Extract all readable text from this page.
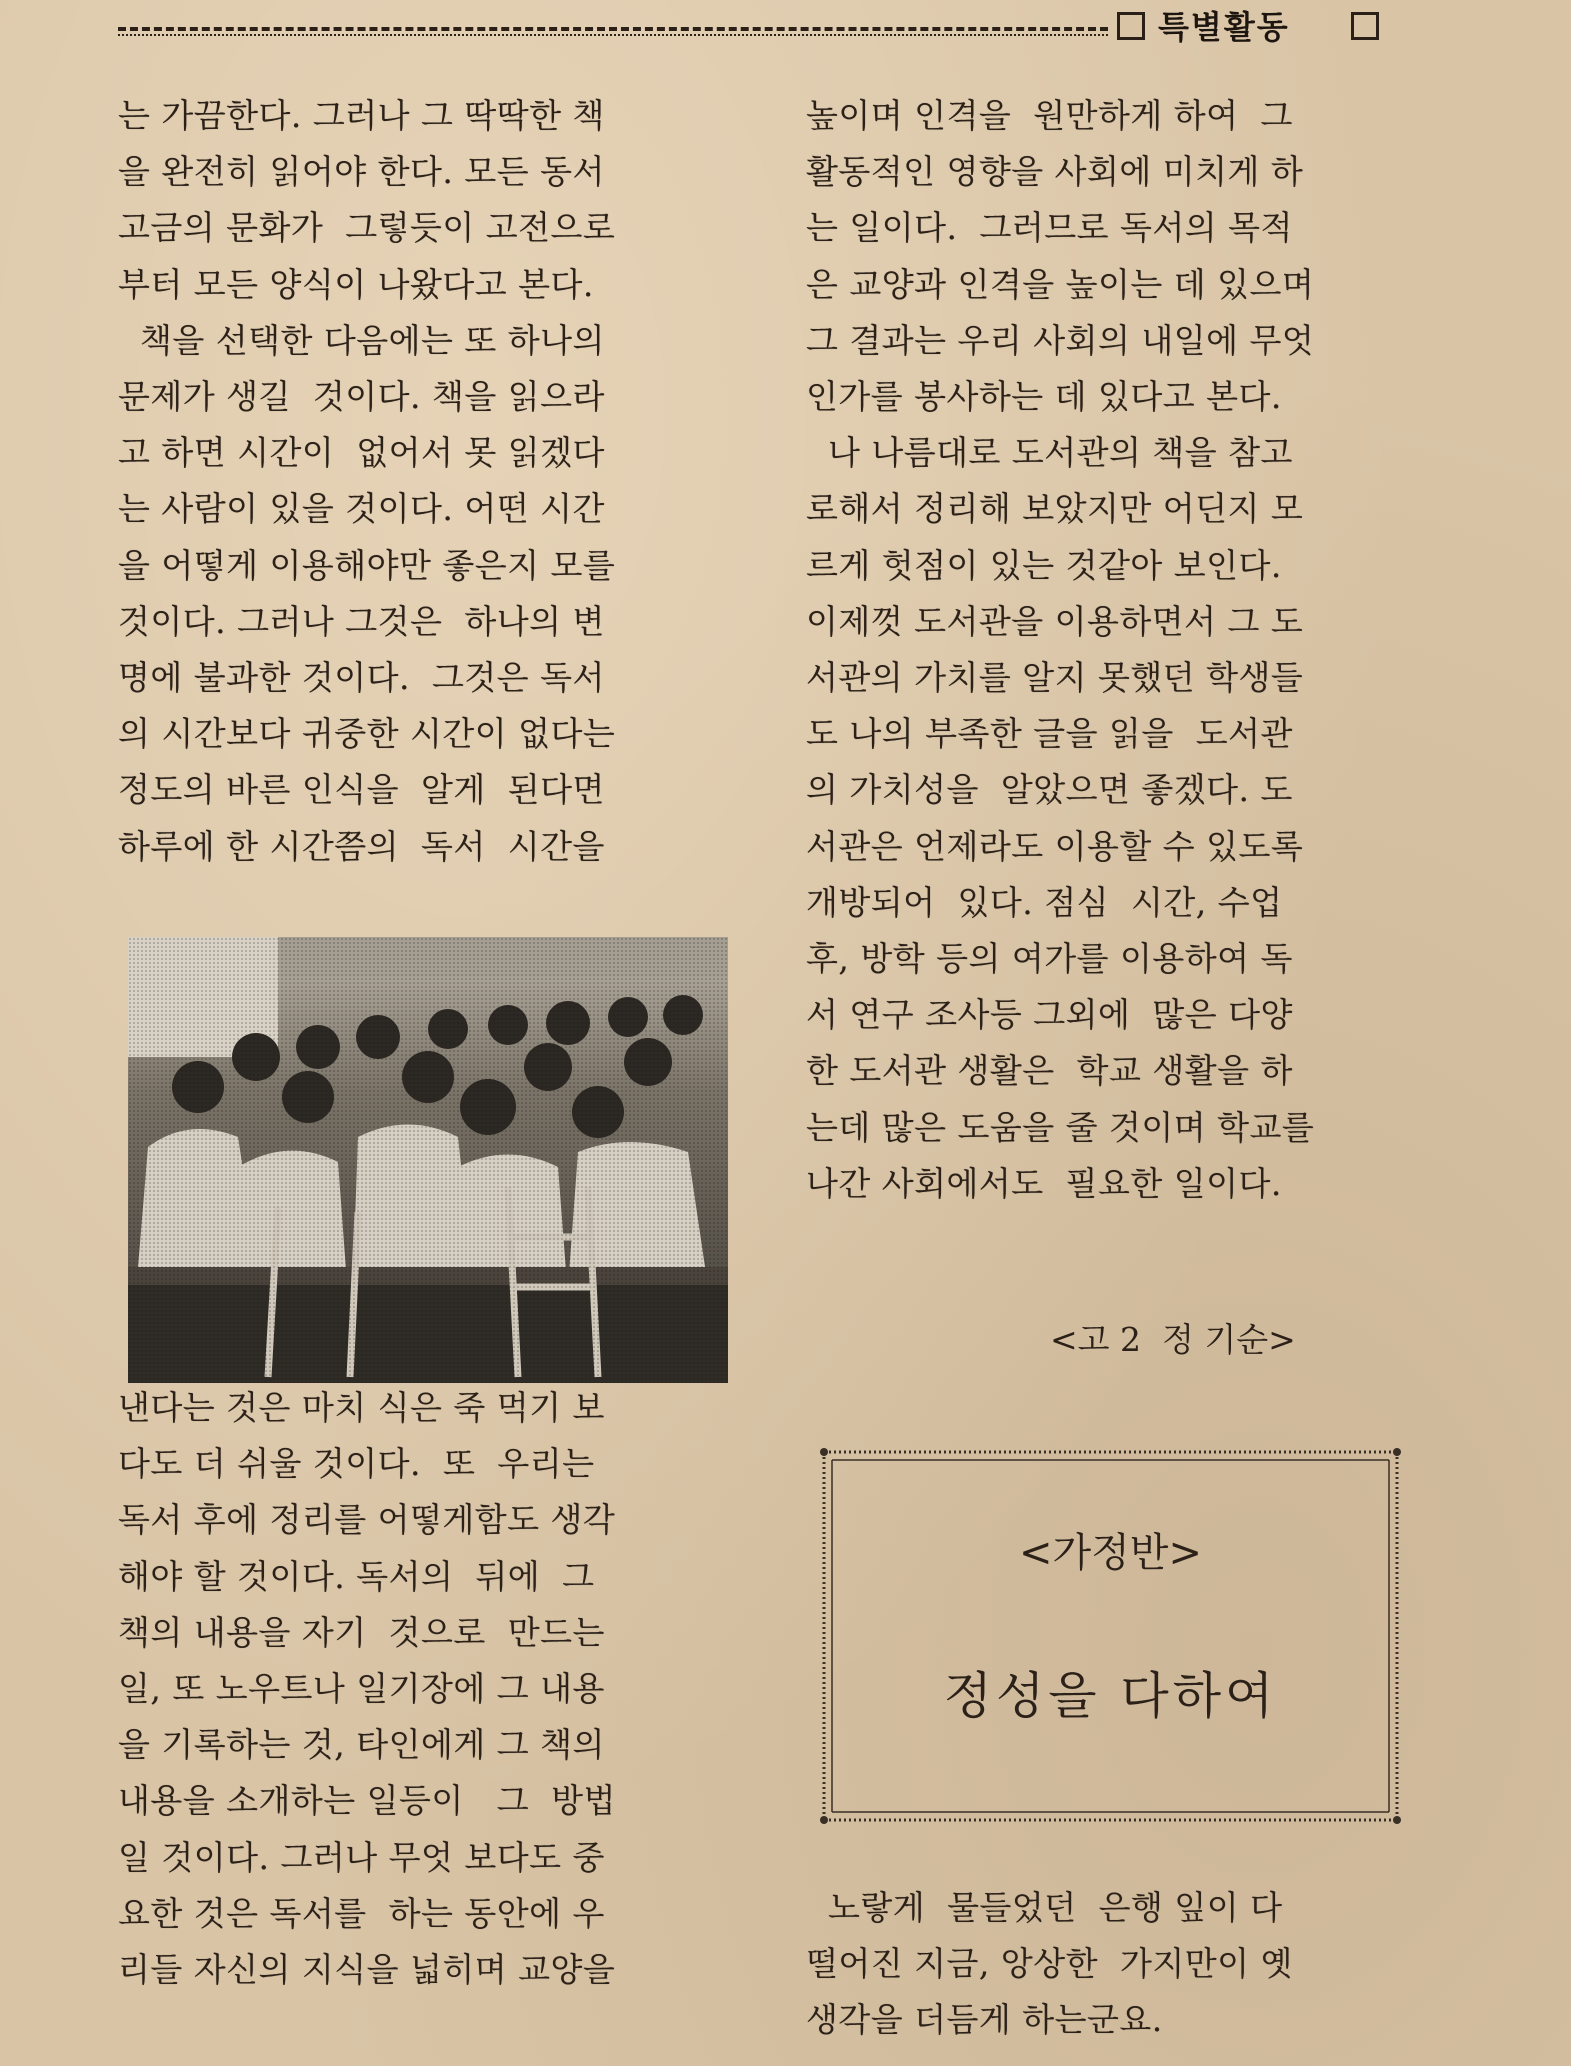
특별활동

는 가끔한다. 그러나 그 딱딱한 책

을 완전히 읽어야 한다. 모든 동서

고금의 문화가  그렇듯이 고전으로

부터 모든 양식이 나왔다고 본다.

책을 선택한 다음에는 또 하나의

문제가 생길  것이다. 책을 읽으라

고 하면 시간이  없어서 못 읽겠다

는 사람이 있을 것이다. 어떤 시간

을 어떻게 이용해야만 좋은지 모를

것이다. 그러나 그것은  하나의 변

명에 불과한 것이다.  그것은 독서

의 시간보다 귀중한 시간이 없다는

정도의 바른 인식을  알게  된다면

하루에 한 시간쯤의  독서  시간을

낸다는 것은 마치 식은 죽 먹기 보

다도 더 쉬울 것이다.  또  우리는

독서 후에 정리를 어떻게함도 생각

해야 할 것이다. 독서의  뒤에  그

책의 내용을 자기  것으로  만드는

일, 또 노우트나 일기장에 그 내용

을 기록하는 것, 타인에게 그 책의

내용을 소개하는 일등이   그  방법

일 것이다. 그러나 무엇 보다도 중

요한 것은 독서를  하는 동안에 우

리들 자신의 지식을 넓히며 교양을

높이며 인격을  원만하게 하여  그

활동적인 영향을 사회에 미치게 하

는 일이다.  그러므로 독서의 목적

은 교양과 인격을 높이는 데 있으며

그 결과는 우리 사회의 내일에 무엇

인가를 봉사하는 데 있다고 본다.

나 나름대로 도서관의 책을 참고

로해서 정리해 보았지만 어딘지 모

르게 헛점이 있는 것같아 보인다.

이제껏 도서관을 이용하면서 그 도

서관의 가치를 알지 못했던 학생들

도 나의 부족한 글을 읽을  도서관

의 가치성을  알았으면 좋겠다. 도

서관은 언제라도 이용할 수 있도록

개방되어  있다. 점심  시간, 수업

후, 방학 등의 여가를 이용하여 독

서 연구 조사등 그외에  많은 다양

한 도서관 생활은  학교 생활을 하

는데 많은 도움을 줄 것이며 학교를

나간 사회에서도  필요한 일이다.

<고 2  정 기순>
<가정반>
정성을 다하여

노랗게  물들었던  은행 잎이 다

떨어진 지금, 앙상한  가지만이 옛

생각을 더듬게 하는군요.
